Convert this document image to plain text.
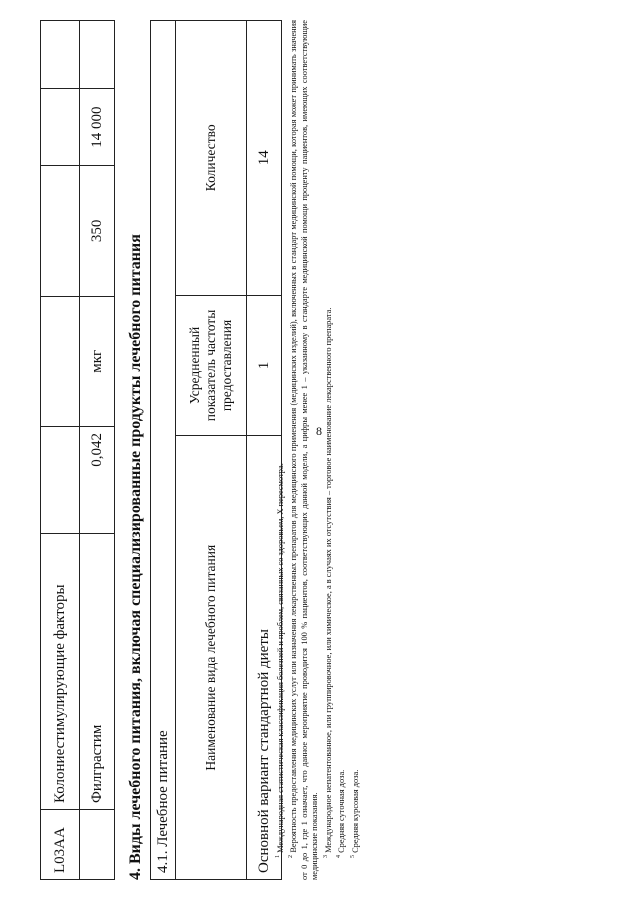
8
L03AA	Колониестимулирующие факторы					
	Филграстим	0,042	мкг	350	14 000	
4. Виды лечебного питания, включая специализированные продукты лечебного питания 4.1. Лечебное питание		
Наименование вида лечебного питания	Усредненный показатель частоты предоставления	Количество
Основной вариант стандартной диеты	1	14

$^1$ Международная статистическая классификация болезней и проблем, связанных со здоровьем, X пересмотра.

$^2$ Вероятность предоставления медицинских услуг или назначения лекарственных препаратов для медицинского применения (медицинских изделий), включенных в стандарт медицинской помощи, которая может принимать значения от 0 до 1, где 1 означает, что данное мероприятие проводится 100 % пациентов, соответствующих данной модели, а цифры менее 1 – указанному в стандарте медицинской помощи проценту пациентов, имеющих соответствующие медицинские показания. $^3$ Международное непатентованное, или группировочное, или химическое, а в случаях их отсутствия – торговое наименование лекарственного препарата.

$^4$ Средняя суточная доза.

$^5$ Средняя курсовая доза.
